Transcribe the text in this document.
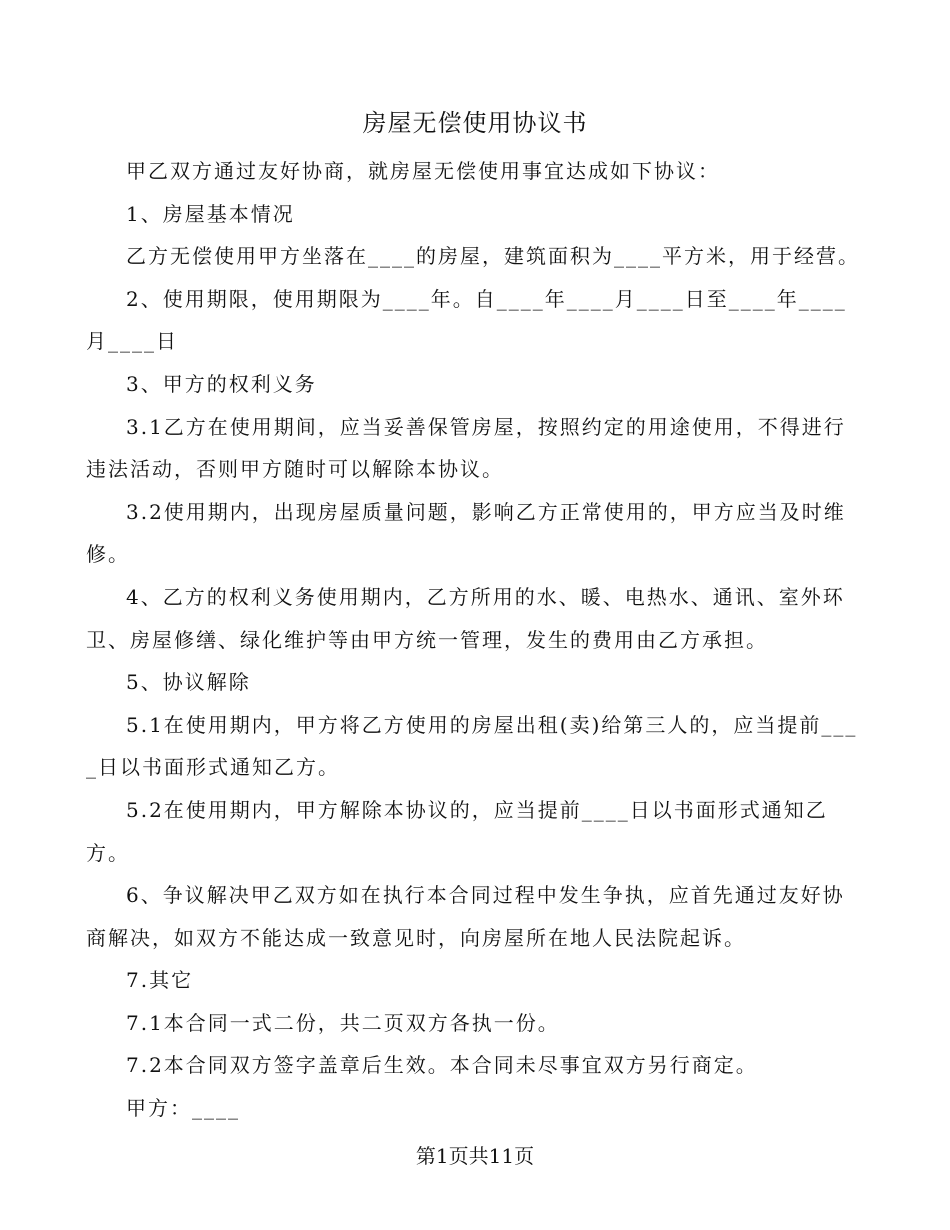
房屋无偿使用协议书

甲乙双方通过友好协商，就房屋无偿使用事宜达成如下协议：

1、房屋基本情况

乙方无偿使用甲方坐落在____的房屋，建筑面积为____平方米，用于经营。

2、使用期限，使用期限为____年。自____年____月____日至____年____月____日

3、甲方的权利义务

3.1乙方在使用期间，应当妥善保管房屋，按照约定的用途使用，不得进行违法活动，否则甲方随时可以解除本协议。

3.2使用期内，出现房屋质量问题，影响乙方正常使用的，甲方应当及时维修。

4、乙方的权利义务使用期内，乙方所用的水、暖、电热水、通讯、室外环卫、房屋修缮、绿化维护等由甲方统一管理，发生的费用由乙方承担。

5、协议解除

5.1在使用期内，甲方将乙方使用的房屋出租(卖)给第三人的，应当提前____日以书面形式通知乙方。

5.2在使用期内，甲方解除本协议的，应当提前____日以书面形式通知乙方。

6、争议解决甲乙双方如在执行本合同过程中发生争执，应首先通过友好协商解决，如双方不能达成一致意见时，向房屋所在地人民法院起诉。

7.其它

7.1本合同一式二份，共二页双方各执一份。

7.2本合同双方签字盖章后生效。本合同未尽事宜双方另行商定。

甲方：____

第1页共11页
